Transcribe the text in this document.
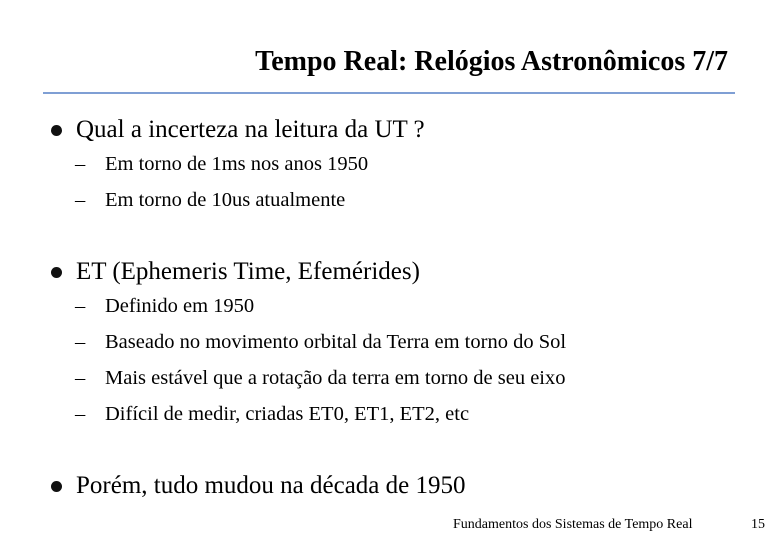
Tempo Real: Relógios Astronômicos 7/7
Qual a incerteza na leitura da UT ?
– Em torno de 1ms nos anos 1950
– Em torno de 10us atualmente
ET (Ephemeris Time, Efemérides)
– Definido em 1950
– Baseado no movimento orbital da Terra em torno do Sol
– Mais estável que a rotação da terra em torno de seu eixo
– Difícil de medir, criadas ET0, ET1, ET2, etc
Porém, tudo mudou na década de 1950
Fundamentos dos Sistemas de Tempo Real	15
